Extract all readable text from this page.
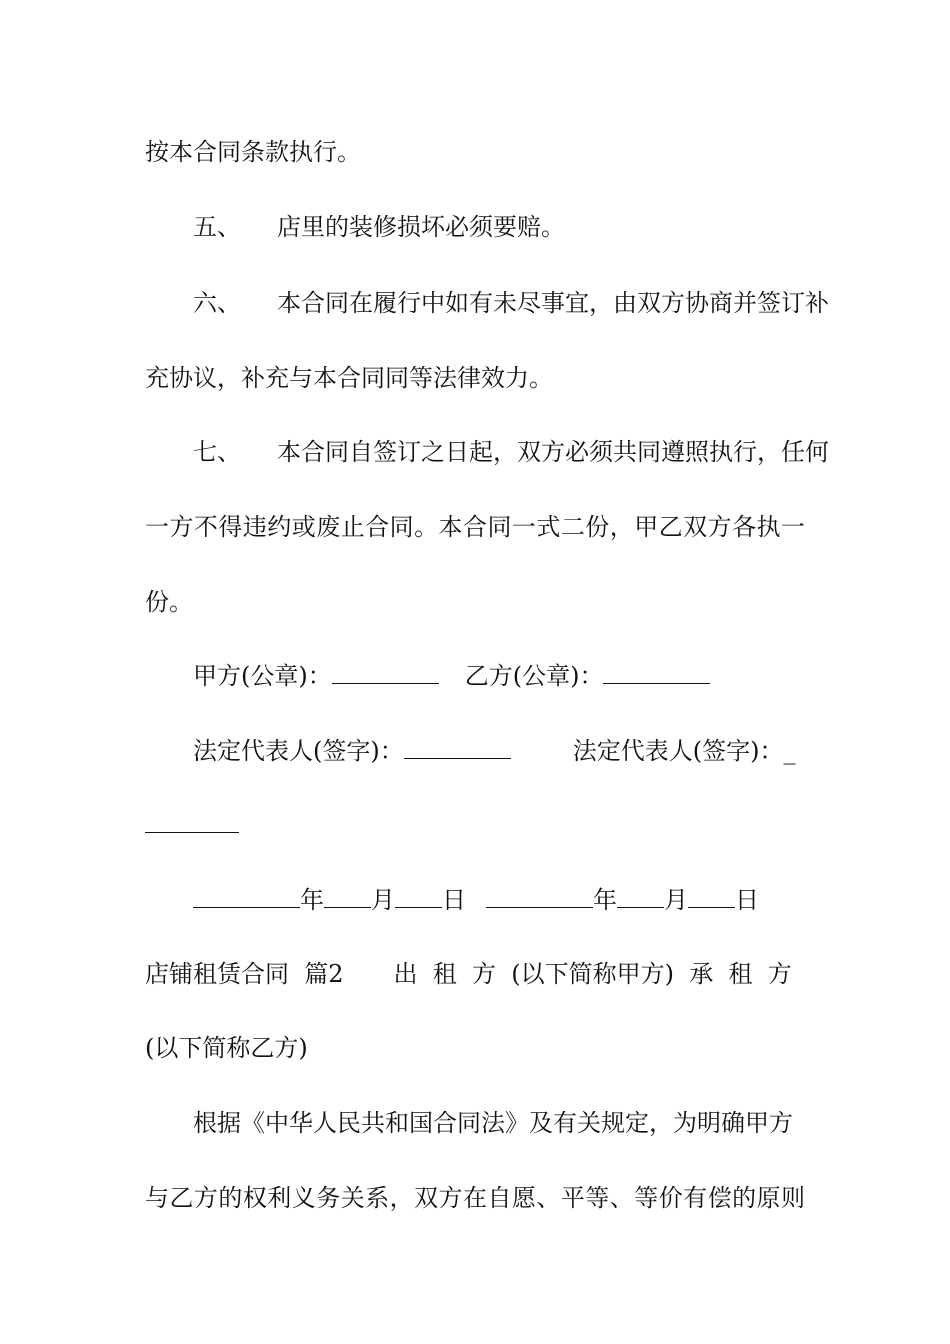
按本合同条款执行。
五、 店里的装修损坏必须要赔。
六、 本合同在履行中如有未尽事宜，由双方协商并签订补
充协议，补充与本合同同等法律效力。
七、 本合同自签订之日起，双方必须共同遵照执行，任何
一方不得违约或废止合同。本合同一式二份，甲乙双方各执一
份。
甲方(公章)：	乙方(公章)：
法定代表人(签字)：	法定代表人(签字)：_
年 月 日	年 月 日
店铺租赁合同  篇2 出  租  方  (以下简称甲方)  承  租  方
(以下简称乙方)
根据《中华人民共和国合同法》及有关规定，为明确甲方
与乙方的权利义务关系，双方在自愿、平等、等价有偿的原则
